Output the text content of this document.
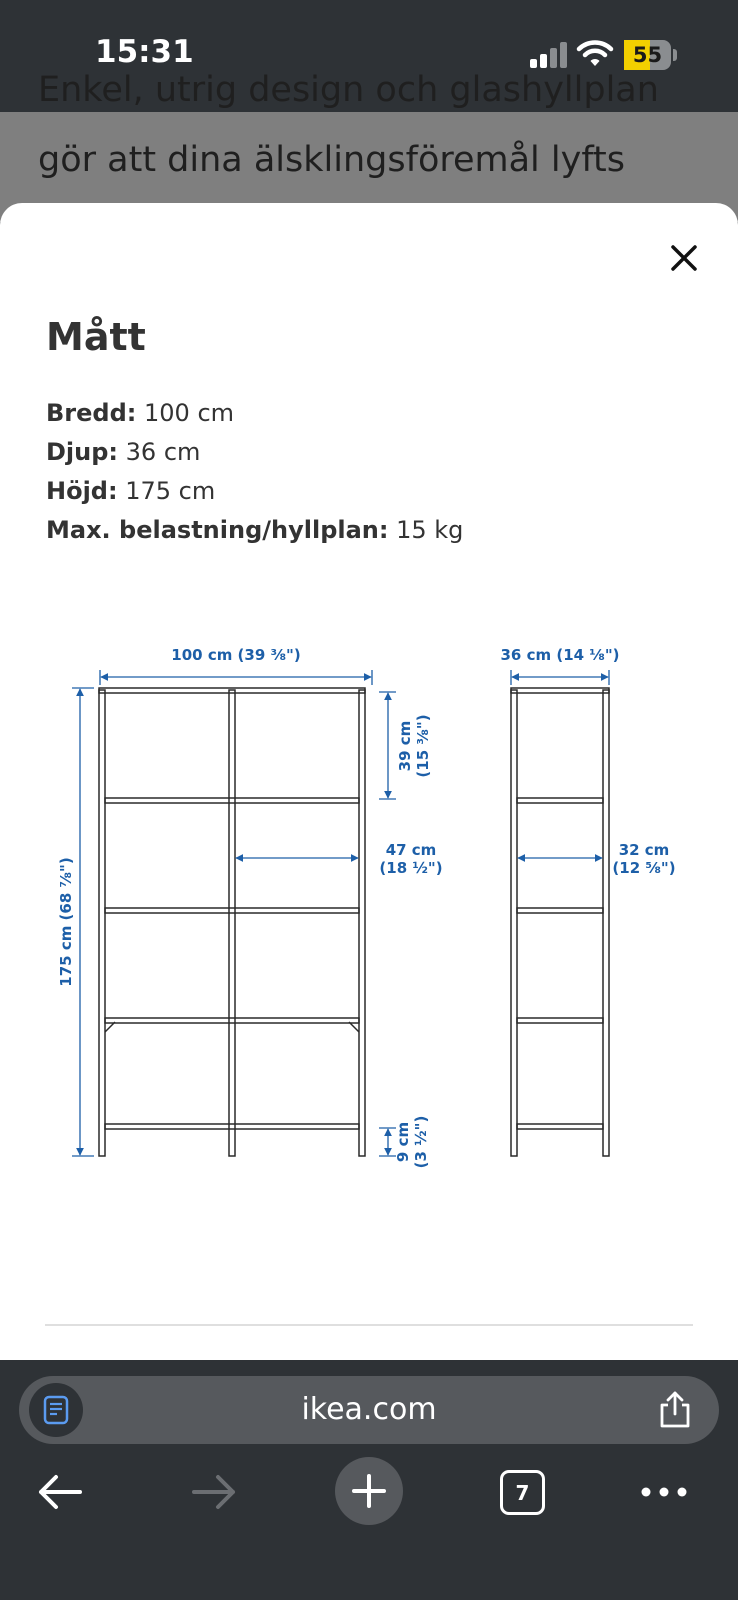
15:31	55
Enkel, utrig design och glashyllplan
gör att dina älsklingsföremål lyfts
Mått
Bredd: 100 cm
Djup: 36 cm
Höjd: 175 cm
Max. belastning/hyllplan: 15 kg
100 cm (39 ⅜")
175 cm (68 ⅞")
39 cm (15 ⅜")
47 cm
(18 ½")
9 cm (3 ½")
36 cm (14 ⅛")
32 cm
(12 ⅝")
ikea.com
7
